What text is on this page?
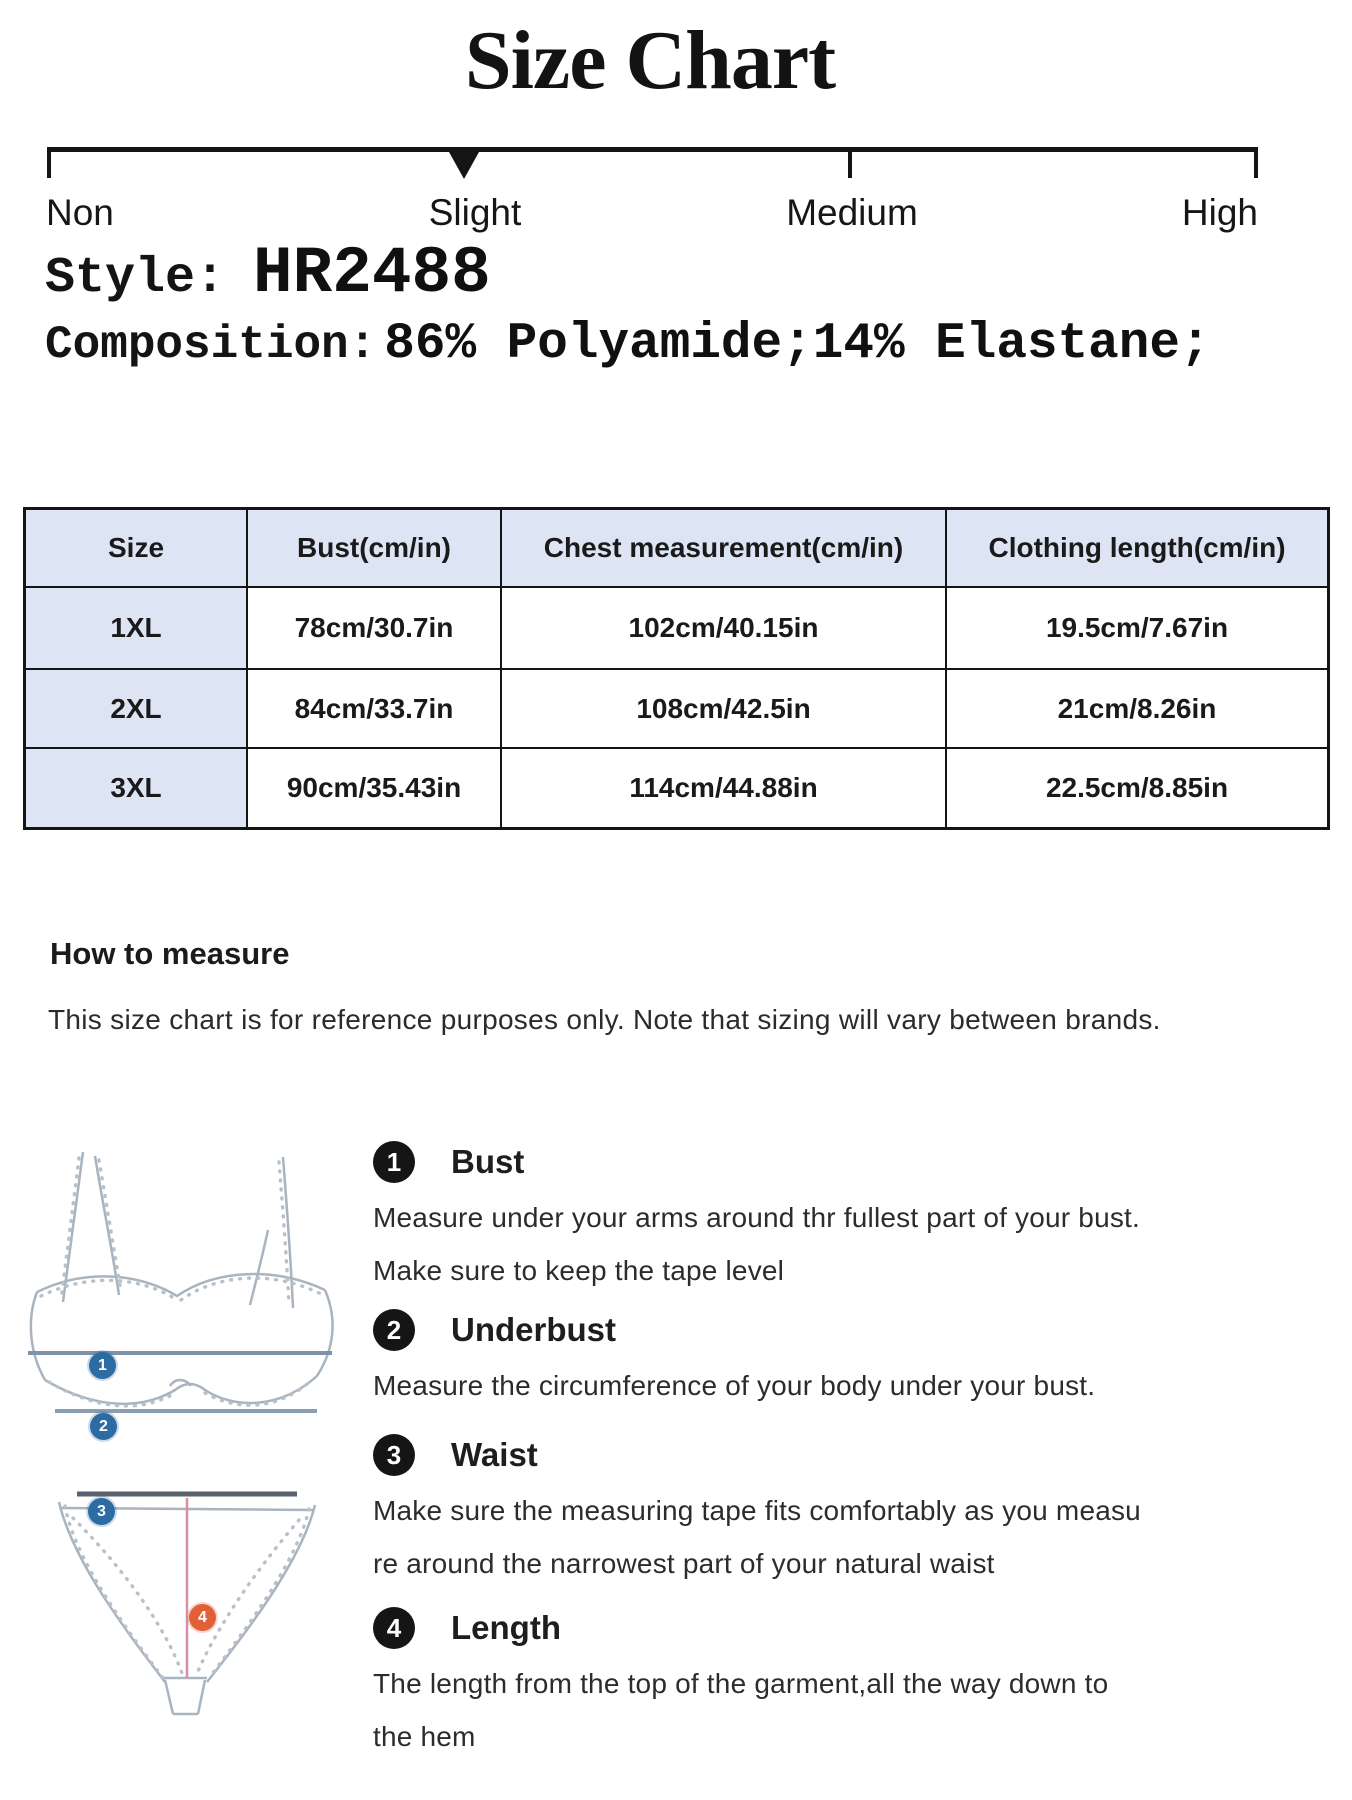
Size Chart
Non	Slight	Medium	High
Style: HR2488
Composition: 86% Polyamide;14% Elastane;
Size	Bust(cm/in)	Chest measurement(cm/in)	Clothing length(cm/in)
1XL	78cm/30.7in	102cm/40.15in	19.5cm/7.67in
2XL	84cm/33.7in	108cm/42.5in	21cm/8.26in
3XL	90cm/35.43in	114cm/44.88in	22.5cm/8.85in
How to measure
This size chart is for reference purposes only. Note that sizing will vary between brands.
1
2
3
4
1	Bust
Measure under your arms around thr fullest part of your bust.
Make sure to keep the tape level
2	Underbust
Measure the circumference of your body under your bust.
3	Waist
Make sure the measuring tape fits comfortably as you measu
re around the narrowest part of your natural waist
4	Length
The length from the top of the garment,all the way down to
the hem
